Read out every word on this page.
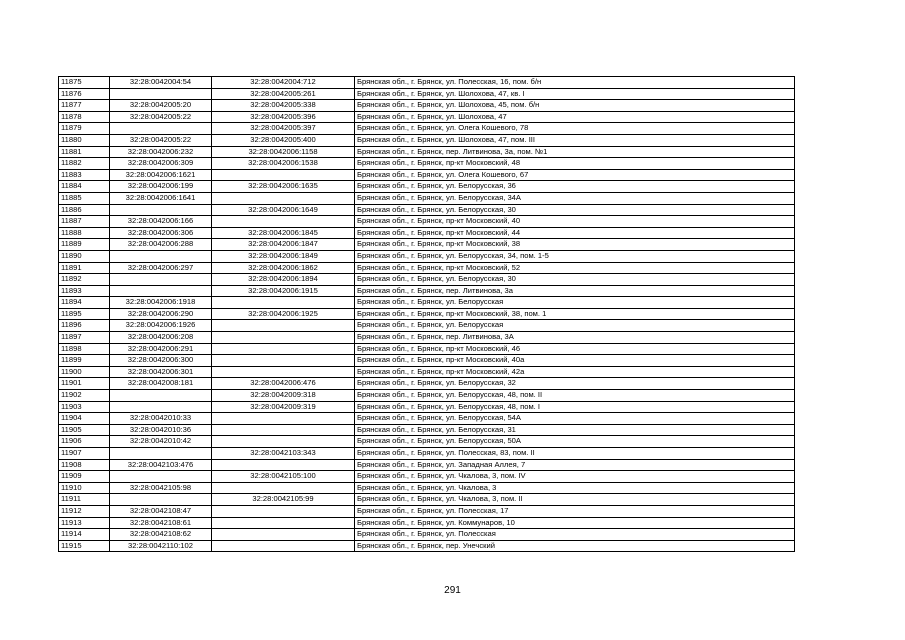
11875	32:28:0042004:54	32:28:0042004:712	Брянская обл., г. Брянск, ул. Полесская, 16, пом. б/н
11876		32:28:0042005:261	Брянская обл., г. Брянск, ул. Шолохова, 47, кв. I
11877	32:28:0042005:20	32:28:0042005:338	Брянская обл., г. Брянск, ул. Шолохова, 45, пом. б/н
11878	32:28:0042005:22	32:28:0042005:396	Брянская обл., г. Брянск, ул. Шолохова, 47
11879		32:28:0042005:397	Брянская обл., г. Брянск, ул. Олега Кошевого, 78
11880	32:28:0042005:22	32:28:0042005:400	Брянская обл., г. Брянск, ул. Шолохова, 47, пом. III
11881	32:28:0042006:232	32:28:0042006:1158	Брянская обл., г. Брянск, пер. Литвинова, 3а, пом. №1
11882	32:28:0042006:309	32:28:0042006:1538	Брянская обл., г. Брянск, пр-кт Московский, 48
11883	32:28:0042006:1621		Брянская обл., г. Брянск, ул. Олега Кошевого, 67
11884	32:28:0042006:199	32:28:0042006:1635	Брянская обл., г. Брянск, ул. Белорусская, 36
11885	32:28:0042006:1641		Брянская обл., г. Брянск, ул. Белорусская, 34А
11886		32:28:0042006:1649	Брянская обл., г. Брянск, ул. Белорусская, 30
11887	32:28:0042006:166		Брянская обл., г. Брянск, пр-кт Московский, 40
11888	32:28:0042006:306	32:28:0042006:1845	Брянская обл., г. Брянск, пр-кт Московский, 44
11889	32:28:0042006:288	32:28:0042006:1847	Брянская обл., г. Брянск, пр-кт Московский, 38
11890		32:28:0042006:1849	Брянская обл., г. Брянск, ул. Белорусская, 34, пом. 1-5
11891	32:28:0042006:297	32:28:0042006:1862	Брянская обл., г. Брянск, пр-кт Московский, 52
11892		32:28:0042006:1894	Брянская обл., г. Брянск, ул. Белорусская, 30
11893		32:28:0042006:1915	Брянская обл., г. Брянск, пер. Литвинова, 3а
11894	32:28:0042006:1918		Брянская обл., г. Брянск, ул. Белорусская
11895	32:28:0042006:290	32:28:0042006:1925	Брянская обл., г. Брянск, пр-кт Московский, 38, пом. 1
11896	32:28:0042006:1926		Брянская обл., г. Брянск, ул. Белорусская
11897	32:28:0042006:208		Брянская обл., г. Брянск, пер. Литвинова, 3А
11898	32:28:0042006:291		Брянская обл., г. Брянск, пр-кт Московский, 46
11899	32:28:0042006:300		Брянская обл., г. Брянск, пр-кт Московский, 40а
11900	32:28:0042006:301		Брянская обл., г. Брянск, пр-кт Московский, 42а
11901	32:28:0042008:181	32:28:0042006:476	Брянская обл., г. Брянск, ул. Белорусская, 32
11902		32:28:0042009:318	Брянская обл., г. Брянск, ул. Белорусская, 48, пом. II
11903		32:28:0042009:319	Брянская обл., г. Брянск, ул. Белорусская, 48, пом. I
11904	32:28:0042010:33		Брянская обл., г. Брянск, ул. Белорусская, 54А
11905	32:28:0042010:36		Брянская обл., г. Брянск, ул. Белорусская, 31
11906	32:28:0042010:42		Брянская обл., г. Брянск, ул. Белорусская, 50А
11907		32:28:0042103:343	Брянская обл., г. Брянск, ул. Полесская, 83, пом. II
11908	32:28:0042103:476		Брянская обл., г. Брянск, ул. Западная Аллея, 7
11909		32:28:0042105:100	Брянская обл., г. Брянск, ул. Чкалова, 3, пом. IV
11910	32:28:0042105:98		Брянская обл., г. Брянск, ул. Чкалова, 3
11911		32:28:0042105:99	Брянская обл., г. Брянск, ул. Чкалова, 3, пом. II
11912	32:28:0042108:47		Брянская обл., г. Брянск, ул. Полесская, 17
11913	32:28:0042108:61		Брянская обл., г. Брянск, ул. Коммунаров, 10
11914	32:28:0042108:62		Брянская обл., г. Брянск, ул. Полесская
11915	32:28:0042110:102		Брянская обл., г. Брянск, пер. Унечский
291
